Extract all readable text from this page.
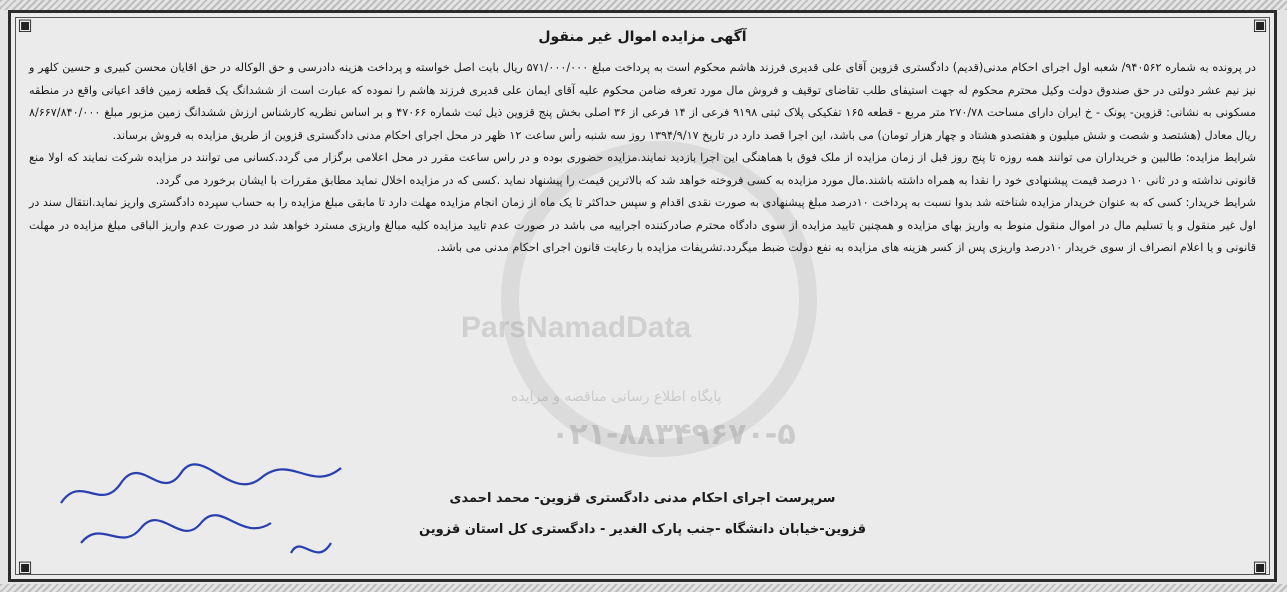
▣	▣
▣	▣
ParsNamadData
پایگاه اطلاع رسانی مناقصه و مزایده
۰۲۱-۸۸۳۴۹۶۷۰-۵
آگهی مزایده اموال غیر منقول

در پرونده به شماره ۹۴۰۵۶۲/ شعبه اول اجرای احکام مدنی(قدیم) دادگستری قزوین آقای علی قدیری فرزند هاشم محکوم است به پرداخت مبلغ ۵۷۱/۰۰۰/۰۰۰ ریال بابت اصل خواسته و پرداخت هزینه دادرسی و حق الوکاله در حق اقایان محسن کبیری و حسین کلهر و نیز نیم عشر دولتی در حق صندوق دولت وکیل محترم محکوم له جهت استیفای طلب تقاضای توقیف و فروش مال مورد تعرفه ضامن محکوم علیه آقای ایمان علی قدیری فرزند هاشم را نموده که عبارت است از ششدانگ یک قطعه زمین فاقد اعیانی واقع در منطقه مسکونی به نشانی: قزوین- پونک - خ ایران دارای مساحت ۲۷۰/۷۸ متر مربع - قطعه ۱۶۵ تفکیکی پلاک ثبتی ۹۱۹۸ فرعی از ۱۴ فرعی از ۳۶ اصلی بخش پنج قزوین ذیل ثبت شماره ۴۷۰۶۶ و بر اساس نظریه کارشناس ارزش ششدانگ زمین مزبور مبلغ ۸/۶۶۷/۸۴۰/۰۰۰ ریال معادل (هشتصد و شصت و شش میلیون و هفتصدو هشتاد و چهار هزار تومان) می باشد، این اجرا قصد دارد در تاریخ ۱۳۹۴/۹/۱۷ روز سه شنبه رأس ساعت ۱۲ ظهر در محل اجرای احکام مدنی دادگستری قزوین از طریق مزایده به فروش برساند.

شرایط مزایده: طالبین و خریداران می توانند همه روزه تا پنج روز قبل از زمان مزایده از ملک فوق با هماهنگی این اجرا بازدید نمایند.مزایده حضوری بوده و در راس ساعت مقرر در محل اعلامی برگزار می گردد.کسانی می توانند در مزایده شرکت نمایند که اولا منع قانونی نداشته و در ثانی ۱۰ درصد قیمت پیشنهادی خود را نقدا به همراه داشته باشند.مال مورد مزایده به کسی فروخته خواهد شد که بالاترین قیمت را پیشنهاد نماید .کسی که در مزایده اخلال نماید مطابق مقررات با ایشان برخورد می گردد.

شرایط خریدار: کسی که به عنوان خریدار مزایده شناخته شد بدوا نسبت به پرداخت ۱۰درصد مبلغ پیشنهادی به صورت نقدی اقدام و سپس حداکثر تا یک ماه از زمان انجام مزایده مهلت دارد تا مابقی مبلغ مزایده را به حساب سپرده دادگستری واریز نماید.انتقال سند در اول غیر منقول و یا تسلیم مال در اموال منقول منوط به واریز بهای مزایده و همچنین تایید مزایده از سوی دادگاه محترم صادرکننده اجراییه می باشد در صورت عدم تایید مزایده کلیه مبالغ واریزی مسترد خواهد شد در صورت عدم واریز الباقی مبلغ مزایده در مهلت قانونی و یا اعلام انصراف از سوی خریدار ۱۰درصد واریزی پس از کسر هزینه های مزایده به نفع دولت ضبط میگردد.تشریفات مزایده با رعایت قانون اجرای احکام مدنی می باشد.

سرپرست اجرای احکام مدنی دادگستری قزوین- محمد احمدی
قزوین-خیابان دانشگاه -جنب پارک الغدیر - دادگستری کل استان قزوین
